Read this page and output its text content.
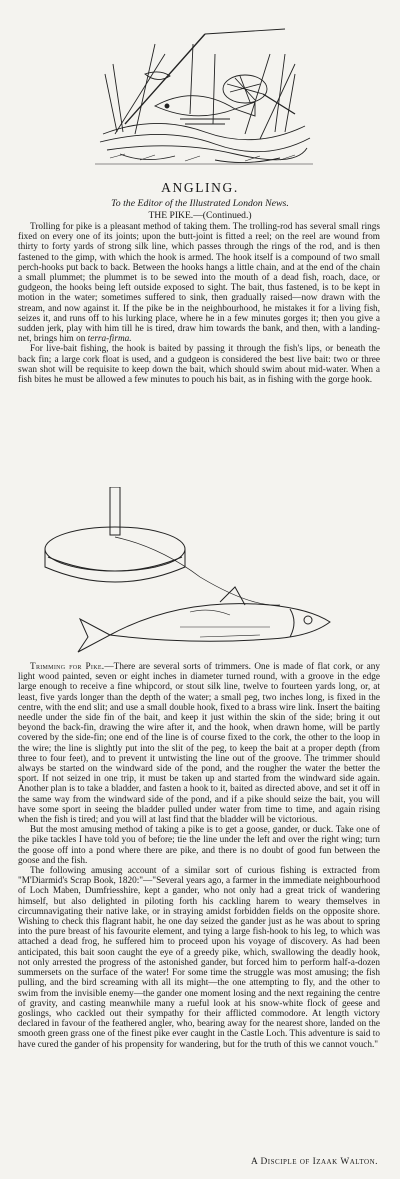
ANGLING.
To the Editor of the Illustrated London News.
THE PIKE.—(Continued.)

Trolling for pike is a pleasant method of taking them. The trolling-rod has several small rings fixed on every one of its joints; upon the butt-joint is fitted a reel; on the reel are wound from thirty to forty yards of strong silk line, which passes through the rings of the rod, and is then fastened to the gimp, with which the hook is armed. The hook itself is a compound of two small perch-hooks put back to back. Between the hooks hangs a little chain, and at the end of the chain a small plummet; the plummet is to be sewed into the mouth of a dead fish, roach, dace, or gudgeon, the hooks being left outside exposed to sight. The bait, thus fastened, is to be kept in motion in the water; sometimes suffered to sink, then gradually raised—now drawn with the stream, and now against it. If the pike be in the neighbourhood, he mistakes it for a living fish, seizes it, and runs off to his lurking place, where he in a few minutes gorges it; then you give a sudden jerk, play with him till he is tired, draw him towards the bank, and then, with a landing-net, brings him on terra-firma.

For live-bait fishing, the hook is baited by passing it through the fish's lips, or beneath the back fin; a large cork float is used, and a gudgeon is considered the best live bait: two or three swan shot will be requisite to keep down the bait, which should swim about mid-water. When a fish bites he must be allowed a few minutes to pouch his bait, as in fishing with the gorge hook.

Trimming for Pike.—There are several sorts of trimmers. One is made of flat cork, or any light wood painted, seven or eight inches in diameter turned round, with a groove in the edge large enough to receive a fine whipcord, or stout silk line, twelve to fourteen yards long, or, at least, five yards longer than the depth of the water; a small peg, two inches long, is fixed in the centre, with the end slit; and use a small double hook, fixed to a brass wire link. Insert the baiting needle under the side fin of the bait, and keep it just within the skin of the side; bring it out beyond the back-fin, drawing the wire after it, and the hook, when drawn home, will be partly covered by the side-fin; one end of the line is of course fixed to the cork, the other to the loop in the wire; the line is slightly put into the slit of the peg, to keep the bait at a proper depth (from three to four feet), and to prevent it untwisting the line out of the groove. The trimmer should always be started on the windward side of the pond, and the rougher the water the better the sport. If not seized in one trip, it must be taken up and started from the windward side again. Another plan is to take a bladder, and fasten a hook to it, baited as directed above, and set it off in the same way from the windward side of the pond, and if a pike should seize the bait, you will have some sport in seeing the bladder pulled under water from time to time, and again rising when the fish is tired; and you will at last find that the bladder will be victorious.

But the most amusing method of taking a pike is to get a goose, gander, or duck. Take one of the pike tackles I have told you of before; tie the line under the left and over the right wing; turn the goose off into a pond where there are pike, and there is no doubt of good fun between the goose and the fish.

The following amusing account of a similar sort of curious fishing is extracted from "M'Diarmid's Scrap Book, 1820:"—"Several years ago, a farmer in the immediate neighbourhood of Loch Maben, Dumfriesshire, kept a gander, who not only had a great trick of wandering himself, but also delighted in piloting forth his cackling harem to weary themselves in circumnavigating their native lake, or in straying amidst forbidden fields on the opposite shore. Wishing to check this flagrant habit, he one day seized the gander just as he was about to spring into the pure breast of his favourite element, and tying a large fish-hook to his leg, to which was attached a dead frog, he suffered him to proceed upon his voyage of discovery. As had been anticipated, this bait soon caught the eye of a greedy pike, which, swallowing the deadly hook, not only arrested the progress of the astonished gander, but forced him to perform half-a-dozen summersets on the surface of the water! For some time the struggle was most amusing; the fish pulling, and the bird screaming with all its might—the one attempting to fly, and the other to swim from the invisible enemy—the gander one moment losing and the next regaining the centre of gravity, and casting meanwhile many a rueful look at his snow-white flock of geese and goslings, who cackled out their sympathy for their afflicted commodore. At length victory declared in favour of the feathered angler, who, bearing away for the nearest shore, landed on the smooth green grass one of the finest pike ever caught in the Castle Loch. This adventure is said to have cured the gander of his propensity for wandering, but for the truth of this we cannot vouch."

A Disciple of Izaak Walton.
